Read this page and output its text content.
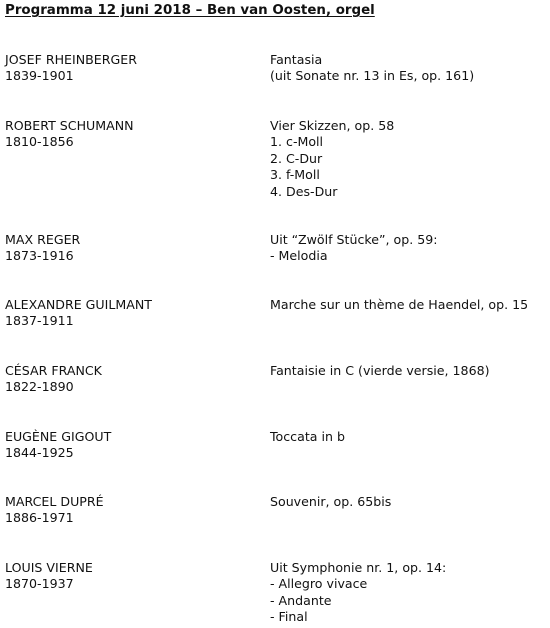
Programma 12 juni 2018 – Ben van Oosten, orgel
JOSEF RHEINBERGER
1839-1901
Fantasia
(uit Sonate nr. 13 in Es, op. 161)
ROBERT SCHUMANN
1810-1856
Vier Skizzen, op. 58
1. c-Moll
2. C-Dur
3. f-Moll
4. Des-Dur
MAX REGER
1873-1916
Uit “Zwölf Stücke”, op. 59:
- Melodia
ALEXANDRE GUILMANT
1837-1911
Marche sur un thème de Haendel, op. 15
CÉSAR FRANCK
1822-1890
Fantaisie in C (vierde versie, 1868)
EUGÈNE GIGOUT
1844-1925
Toccata in b
MARCEL DUPRÉ
1886-1971
Souvenir, op. 65bis
LOUIS VIERNE
1870-1937
Uit Symphonie nr. 1, op. 14:
- Allegro vivace
- Andante
- Final
